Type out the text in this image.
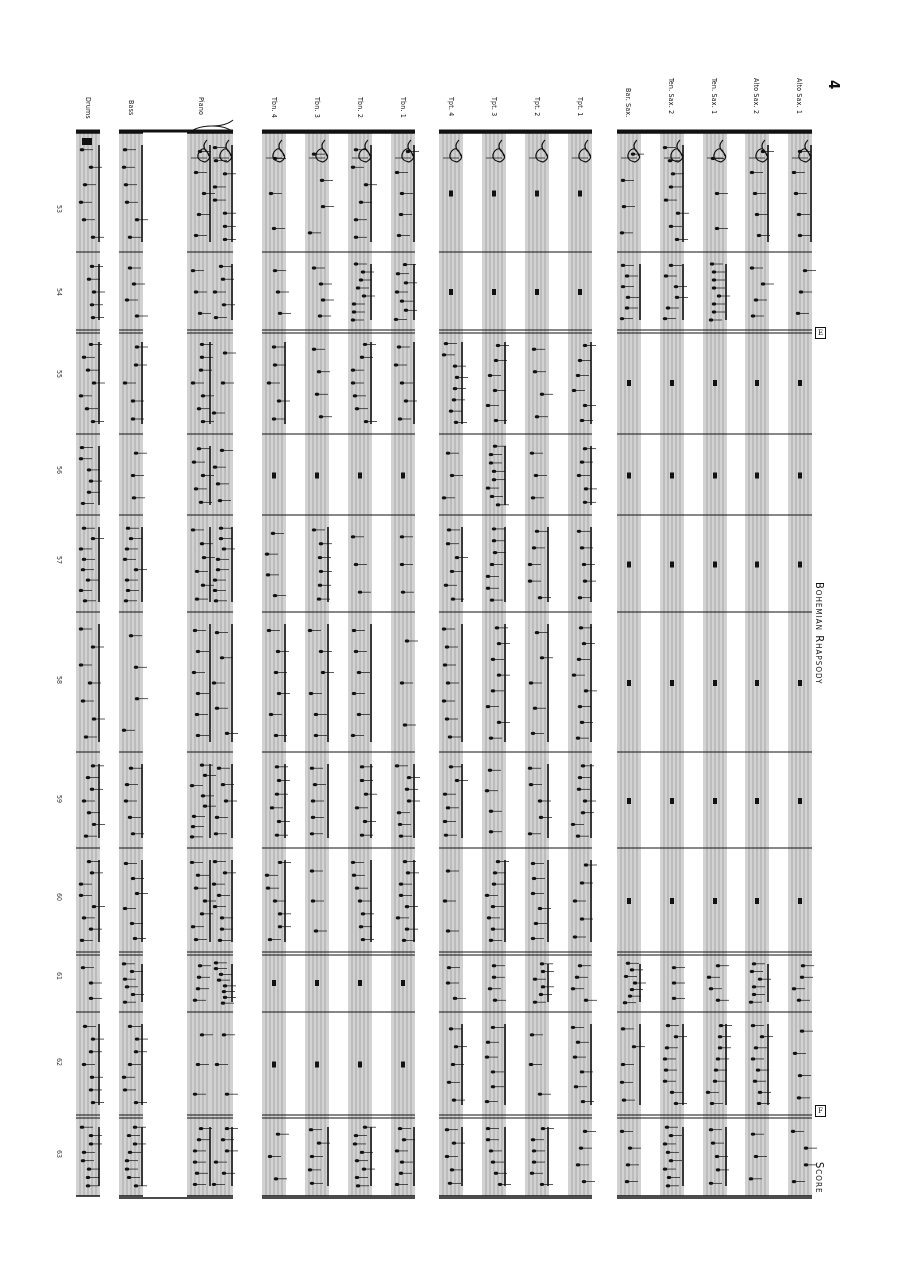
4
Bohemian Rhapsody
Score
E
F
Alto Sax. 1
Alto Sax. 2
Ten. Sax. 1
Ten. Sax. 2
Bar. Sax.
Tpt. 1
Tpt. 2
Tpt. 3
Tpt. 4
Tbn. 1
Tbn. 2
Tbn. 3
Tbn. 4
Piano
Bass
Drums
53
54
55
56
57
58
59
60
61
62
63
